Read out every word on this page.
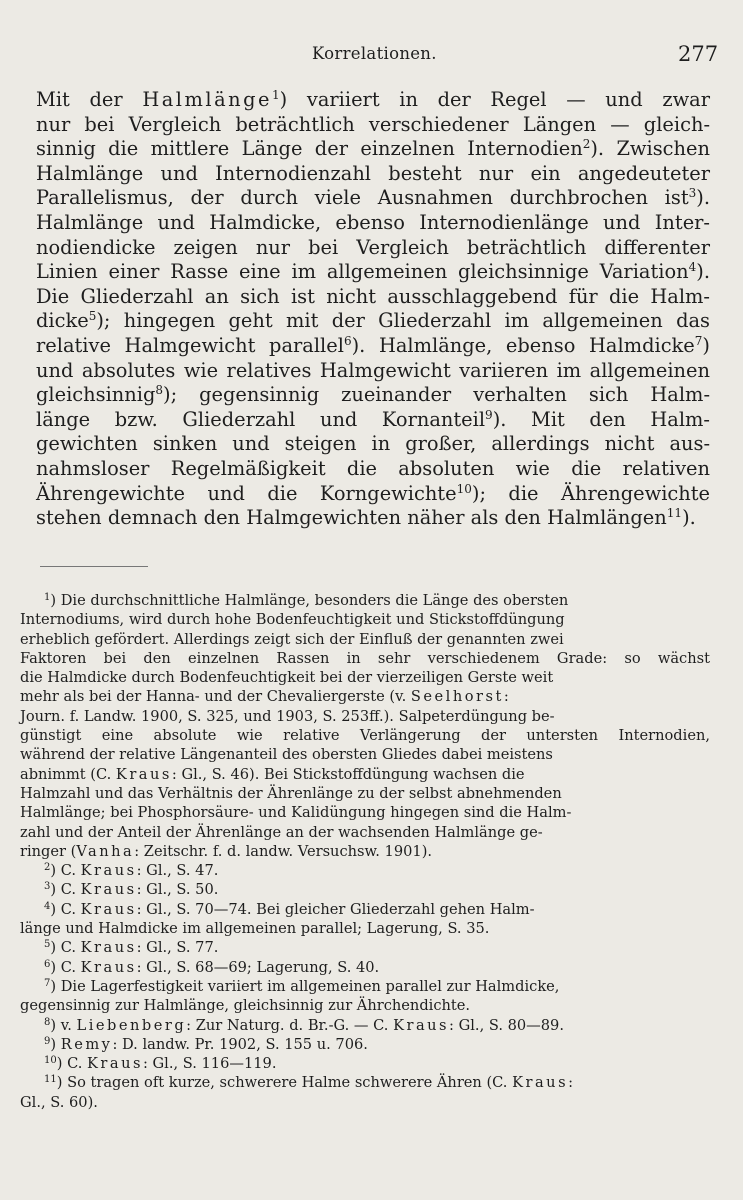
Korrelationen.	277
Mit der Halmlänge$^1$) variiert in der Regel — und zwar
nur bei Vergleich beträchtlich verschiedener Längen — gleich-
sinnig die mittlere Länge der einzelnen Internodien$^2$). Zwischen
Halmlänge und Internodienzahl besteht nur ein angedeuteter
Parallelismus, der durch viele Ausnahmen durchbrochen ist$^3$).
Halmlänge und Halmdicke, ebenso Internodienlänge und Inter-
nodiendicke zeigen nur bei Vergleich beträchtlich differenter
Linien einer Rasse eine im allgemeinen gleichsinnige Variation$^4$).
Die Gliederzahl an sich ist nicht ausschlaggebend für die Halm-
dicke$^5$); hingegen geht mit der Gliederzahl im allgemeinen das
relative Halmgewicht parallel$^6$). Halmlänge, ebenso Halmdicke$^7$)
und absolutes wie relatives Halmgewicht variieren im allgemeinen
gleichsinnig$^8$); gegensinnig zueinander verhalten sich Halm-
länge bzw. Gliederzahl und Kornanteil$^9$). Mit den Halm-
gewichten sinken und steigen in großer, allerdings nicht aus-
nahmsloser Regelmäßigkeit die absoluten wie die relativen
Ährengewichte und die Korngewichte$^{10}$); die Ährengewichte
stehen demnach den Halmgewichten näher als den Halmlängen$^{11}$).
$^1$) Die durchschnittliche Halmlänge, besonders die Länge des obersten
Internodiums, wird durch hohe Bodenfeuchtigkeit und Stickstoffdüngung
erheblich gefördert. Allerdings zeigt sich der Einfluß der genannten zwei
Faktoren bei den einzelnen Rassen in sehr verschiedenem Grade: so wächst
die Halmdicke durch Bodenfeuchtigkeit bei der vierzeiligen Gerste weit
mehr als bei der Hanna- und der Chevaliergerste (v. Seelhorst:
Journ. f. Landw. 1900, S. 325, und 1903, S. 253ff.). Salpeterdüngung be-
günstigt eine absolute wie relative Verlängerung der untersten Internodien,
während der relative Längenanteil des obersten Gliedes dabei meistens
abnimmt (C. Kraus: Gl., S. 46). Bei Stickstoffdüngung wachsen die
Halmzahl und das Verhältnis der Ährenlänge zu der selbst abnehmenden
Halmlänge; bei Phosphorsäure- und Kalidüngung hingegen sind die Halm-
zahl und der Anteil der Ährenlänge an der wachsenden Halmlänge ge-
ringer (Vanha: Zeitschr. f. d. landw. Versuchsw. 1901).
$^2$) C. Kraus: Gl., S. 47.
$^3$) C. Kraus: Gl., S. 50.
$^4$) C. Kraus: Gl., S. 70—74. Bei gleicher Gliederzahl gehen Halm-
länge und Halmdicke im allgemeinen parallel; Lagerung, S. 35.
$^5$) C. Kraus: Gl., S. 77.
$^6$) C. Kraus: Gl., S. 68—69; Lagerung, S. 40.
$^7$) Die Lagerfestigkeit variiert im allgemeinen parallel zur Halmdicke,
gegensinnig zur Halmlänge, gleichsinnig zur Ährchendichte.
$^8$) v. Liebenberg: Zur Naturg. d. Br.-G. — C. Kraus: Gl., S. 80—89.
$^9$) Remy: D. landw. Pr. 1902, S. 155 u. 706.
$^{10}$) C. Kraus: Gl., S. 116—119.
$^{11}$) So tragen oft kurze, schwerere Halme schwerere Ähren (C. Kraus:
Gl., S. 60).
